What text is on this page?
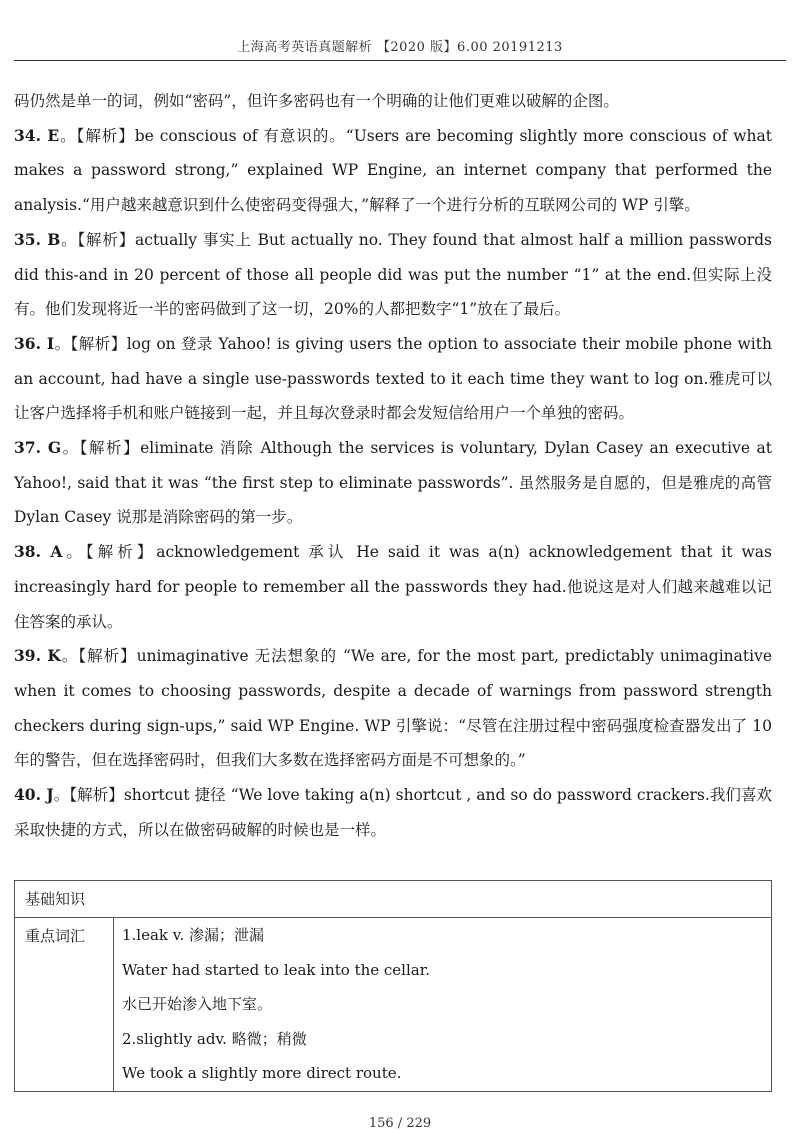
上海高考英语真题解析 【2020 版】6.00 20191213

码仍然是单一的词，例如“密码”，但许多密码也有一个明确的让他们更难以破解的企图。

34. E。【解析】be conscious of 有意识的。“Users are becoming slightly more conscious of what makes a password strong,” explained WP Engine, an internet company that performed the analysis.“用户越来越意识到什么使密码变得强大，”解释了一个进行分析的互联网公司的 WP 引擎。

35. B。【解析】actually 事实上 But actually no. They found that almost half a million passwords did this-and in 20 percent of those all people did was put the number “1” at the end.但实际上没有。他们发现将近一半的密码做到了这一切，20%的人都把数字“1”放在了最后。

36. I。【解析】log on 登录 Yahoo! is giving users the option to associate their mobile phone with an account, had have a single use-passwords texted to it each time they want to log on.雅虎可以让客户选择将手机和账户链接到一起，并且每次登录时都会发短信给用户一个单独的密码。

37. G。【解析】eliminate 消除 Although the services is voluntary, Dylan Casey an executive at Yahoo!, said that it was “the first step to eliminate passwords”. 虽然服务是自愿的，但是雅虎的高管 Dylan Casey 说那是消除密码的第一步。

38. A。【解析】acknowledgement 承认 He said it was a(n) acknowledgement that it was increasingly hard for people to remember all the passwords they had.他说这是对人们越来越难以记住答案的承认。

39. K。【解析】unimaginative 无法想象的 “We are, for the most part, predictably unimaginative when it comes to choosing passwords, despite a decade of warnings from password strength checkers during sign-ups,” said WP Engine. WP 引擎说：“尽管在注册过程中密码强度检查器发出了 10 年的警告，但在选择密码时，但我们大多数在选择密码方面是不可想象的。”

40. J。【解析】shortcut 捷径 “We love taking a(n) shortcut , and so do password crackers.我们喜欢采取快捷的方式，所以在做密码破解的时候也是一样。

基础知识
重点词汇	1.leak v. 渗漏；泄漏
Water had started to leak into the cellar.
水已开始渗入地下室。
2.slightly adv. 略微；稍微
We took a slightly more direct route.
156 / 229
